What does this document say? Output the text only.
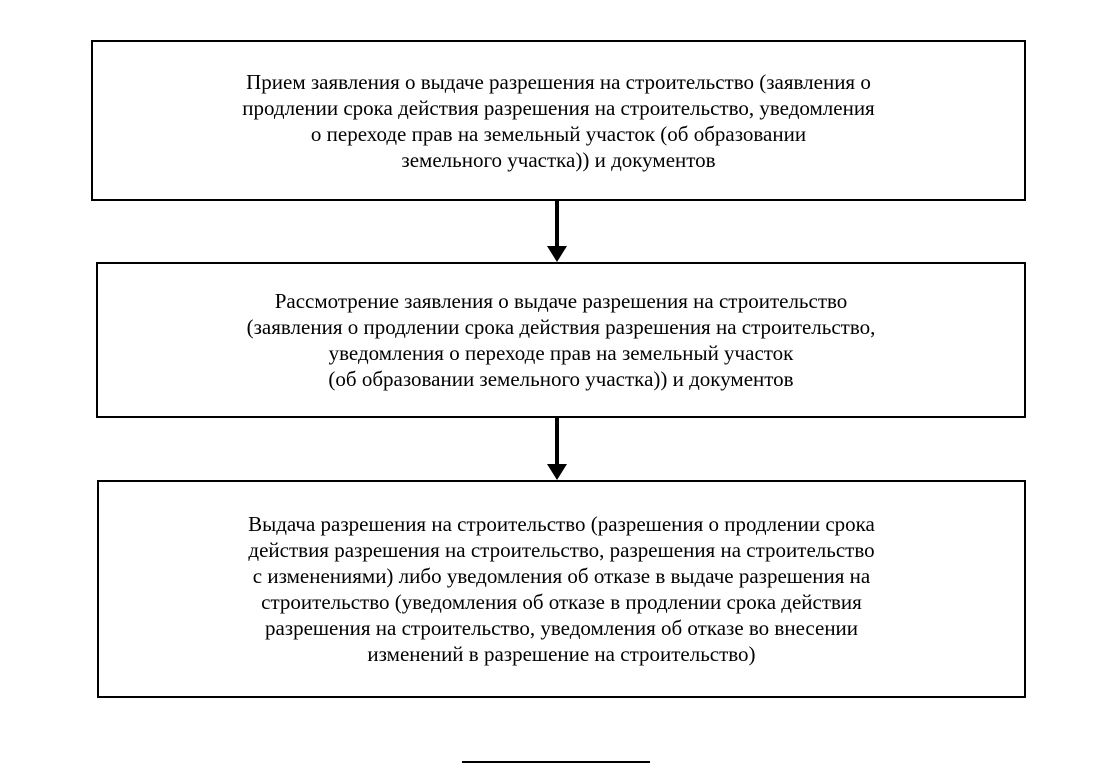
Прием заявления о выдаче разрешения на строительство (заявления о
продлении срока действия разрешения на строительство, уведомления
о переходе прав на земельный участок (об образовании
земельного участка)) и документов
Рассмотрение заявления о выдаче разрешения на строительство
(заявления о продлении срока действия разрешения на строительство,
уведомления о переходе прав на земельный участок
(об образовании земельного участка)) и документов
Выдача разрешения на строительство (разрешения о продлении срока
действия разрешения на строительство, разрешения на строительство
с изменениями) либо уведомления об отказе в выдаче разрешения на
строительство (уведомления об отказе в продлении срока действия
разрешения на строительство, уведомления об отказе во внесении
изменений в разрешение на строительство)
